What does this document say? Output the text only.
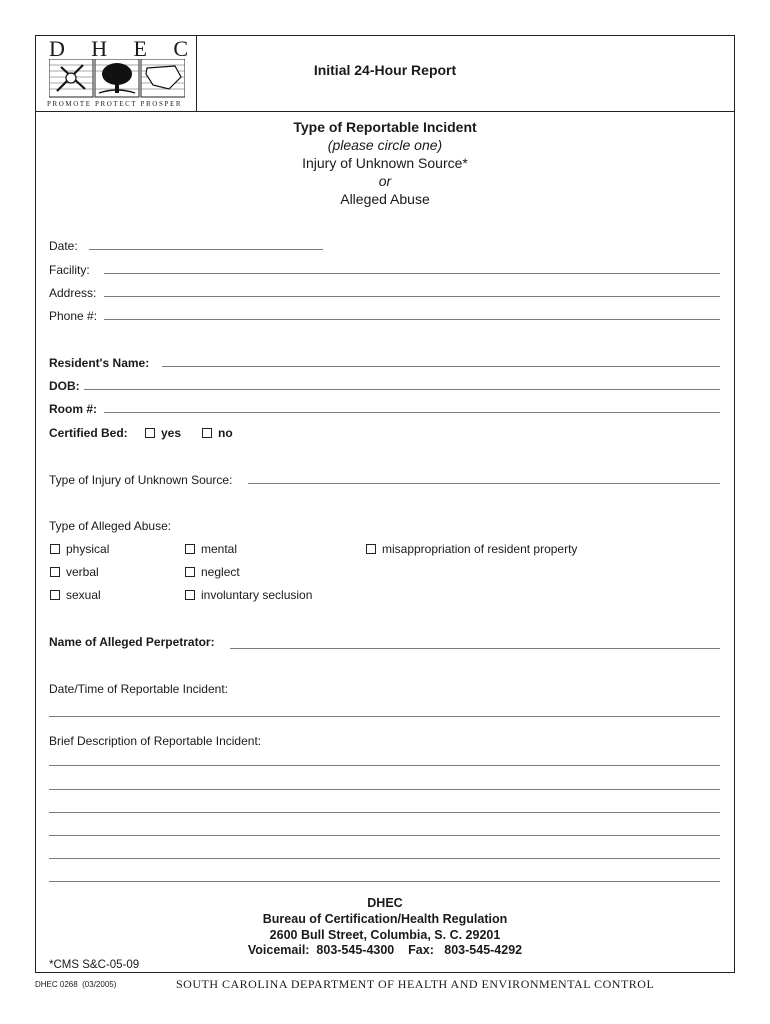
D H E C
PROMOTE PROTECT PROSPER
Initial 24-Hour Report
Type of Reportable Incident
(please circle one)
Injury of Unknown Source*
or
Alleged Abuse
Date:
Facility:
Address:
Phone #:
Resident's Name:
DOB:
Room #:
Certified Bed:	yes	no
Type of Injury of Unknown Source:
Type of Alleged Abuse:
physical	mental	misappropriation of resident property
verbal	neglect
sexual	involuntary seclusion
Name of Alleged Perpetrator:
Date/Time of Reportable Incident:
Brief Description of Reportable Incident:
DHEC
Bureau of Certification/Health Regulation
2600 Bull Street, Columbia, S. C. 29201
Voicemail:  803-545-4300    Fax:   803-545-4292
*CMS S&C-05-09
DHEC 0268  (03/2005)	SOUTH CAROLINA DEPARTMENT OF HEALTH AND ENVIRONMENTAL CONTROL
